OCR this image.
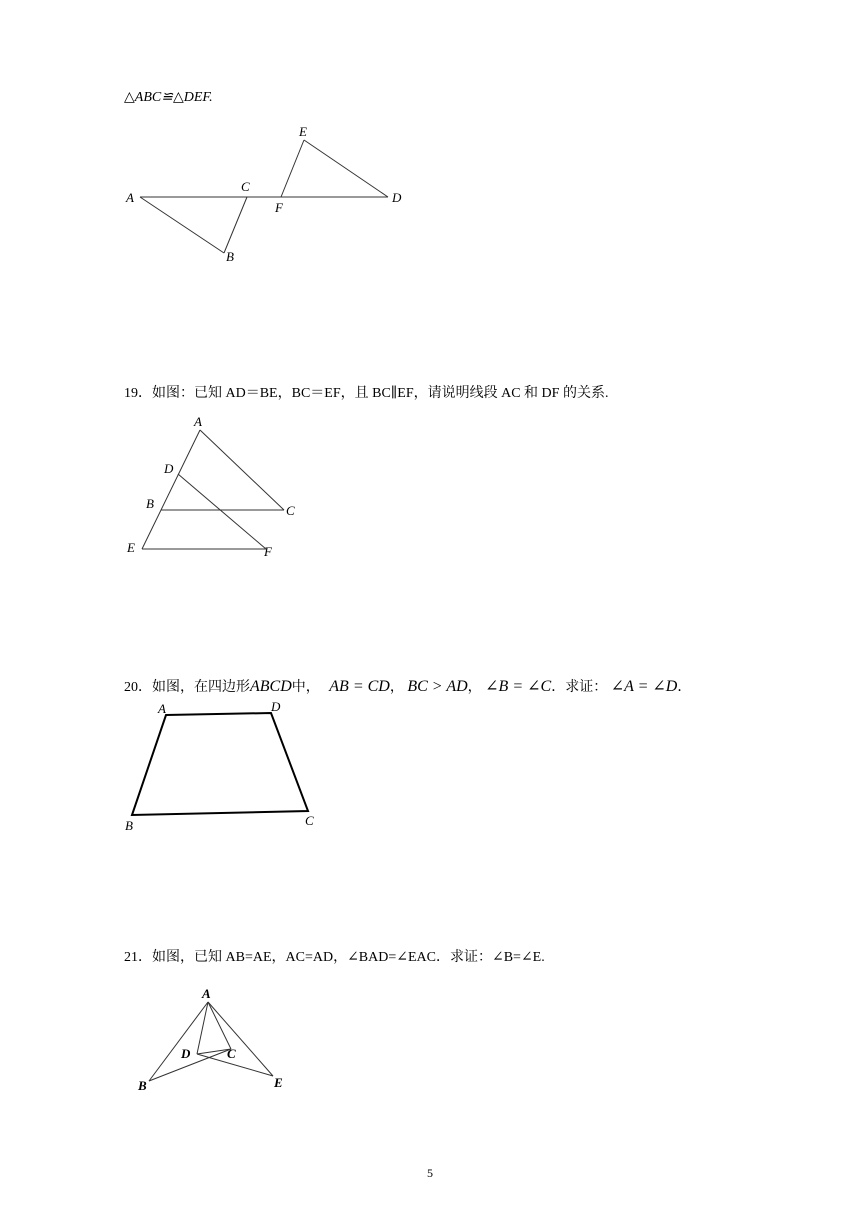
△ABC≌△DEF.
A
B
C
D
E
F
19．如图：已知 AD＝BE，BC＝EF，且 BC∥EF，请说明线段 AC 和 DF 的关系.
A
B	C
D
E	F
20．如图，在四边形ABCD中， AB = CD， BC > AD， ∠B = ∠C．求证： ∠A = ∠D．
A
B	C
D
21．如图，已知 AB=AE，AC=AD，∠BAD=∠EAC．求证：∠B=∠E.
A
B
C
D
E
5
